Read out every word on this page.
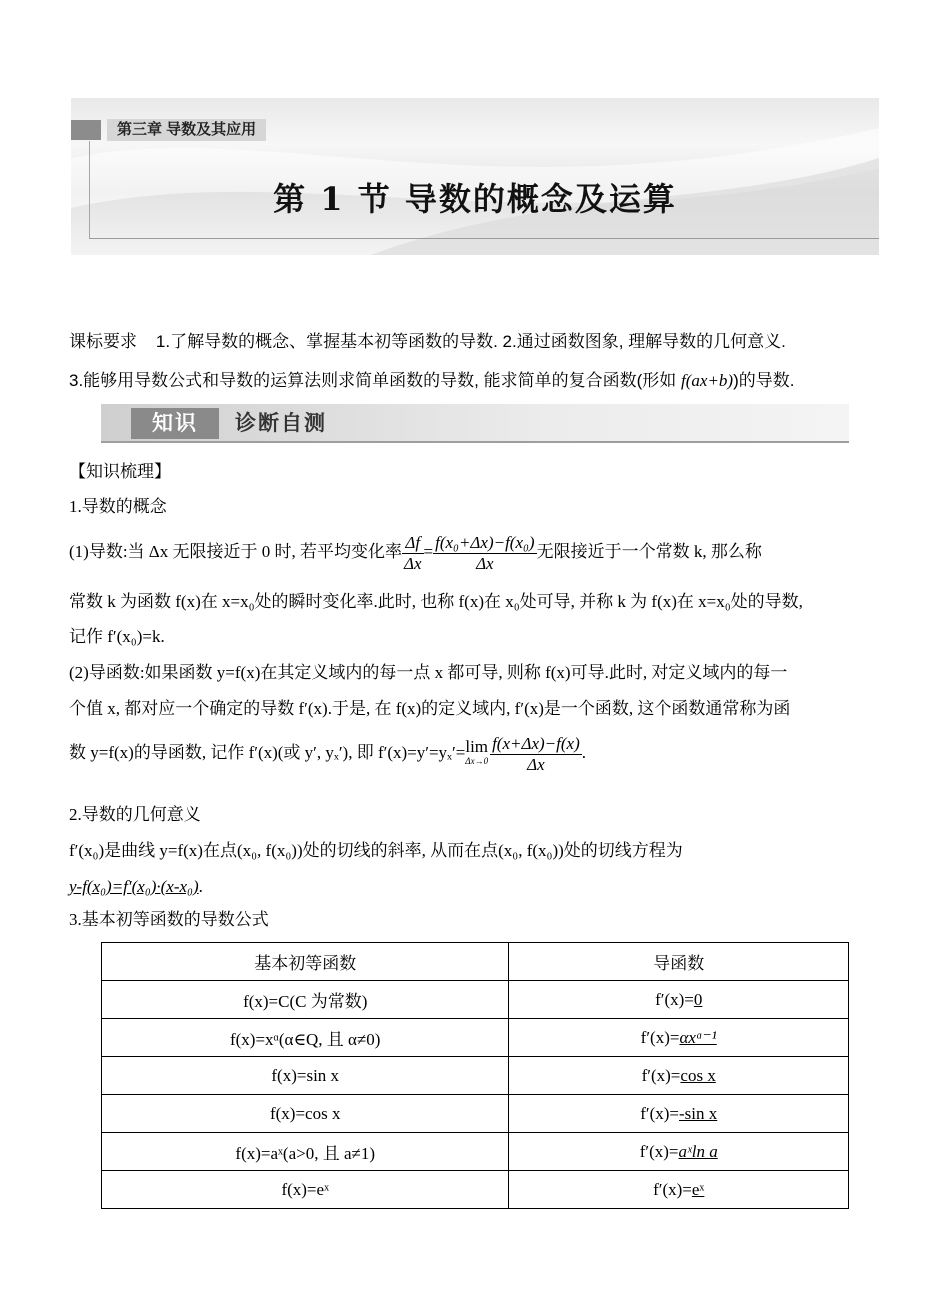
第三章 导数及其应用
第 1 节 导数的概念及运算
课标要求 1.了解导数的概念、掌握基本初等函数的导数. 2.通过函数图象, 理解导数的几何意义.
3.能够用导数公式和导数的运算法则求简单函数的导数, 能求简单的复合函数(形如 f(ax+b))的导数.
知识	诊断自测
【知识梳理】
1.导数的概念
(1)导数:当 Δx 无限接近于 0 时, 若平均变化率 $\frac{\Delta f}{\Delta x} = \frac{\text{f(x₀+Δx)−f(x₀)}}{\Delta x}$ 无限接近于一个常数 k, 那么称
常数 k 为函数 f(x)在 x=x₀处的瞬时变化率.此时, 也称 f(x)在 x₀处可导, 并称 k 为 f(x)在 x=x₀处的导数,
记作 f′(x₀)=k.
(2)导函数:如果函数 y=f(x)在其定义域内的每一点 x 都可导, 则称 f(x)可导.此时, 对定义域内的每一
个值 x, 都对应一个确定的导数 f′(x).于是, 在 f(x)的定义域内, f′(x)是一个函数, 这个函数通常称为函
数 y=f(x)的导函数, 记作 f′(x)(或 y′, yₓ′), 即 f′(x)=y′=yₓ′= lim
$\Delta x\to 0 \frac{f(x+\Delta x)-f(x)}{\Delta x}$ .
2.导数的几何意义
f′(x₀)是曲线 y=f(x)在点(x₀, f(x₀))处的切线的斜率, 从而在点(x₀, f(x₀))处的切线方程为
y-f(x₀)=f′(x₀)·(x-x₀).
3.基本初等函数的导数公式
基本初等函数	导函数
f(x)=C(C 为常数)	f′(x)=0
f(x)=xᵅ(α∈Q, 且 α≠0)	f′(x)=αxᵅ⁻¹
f(x)=sin x	f′(x)=cos x
f(x)=cos x	f′(x)=-sin x
f(x)=aˣ(a>0, 且 a≠1)	f′(x)=aˣln a
f(x)=eˣ	f′(x)=eˣ
